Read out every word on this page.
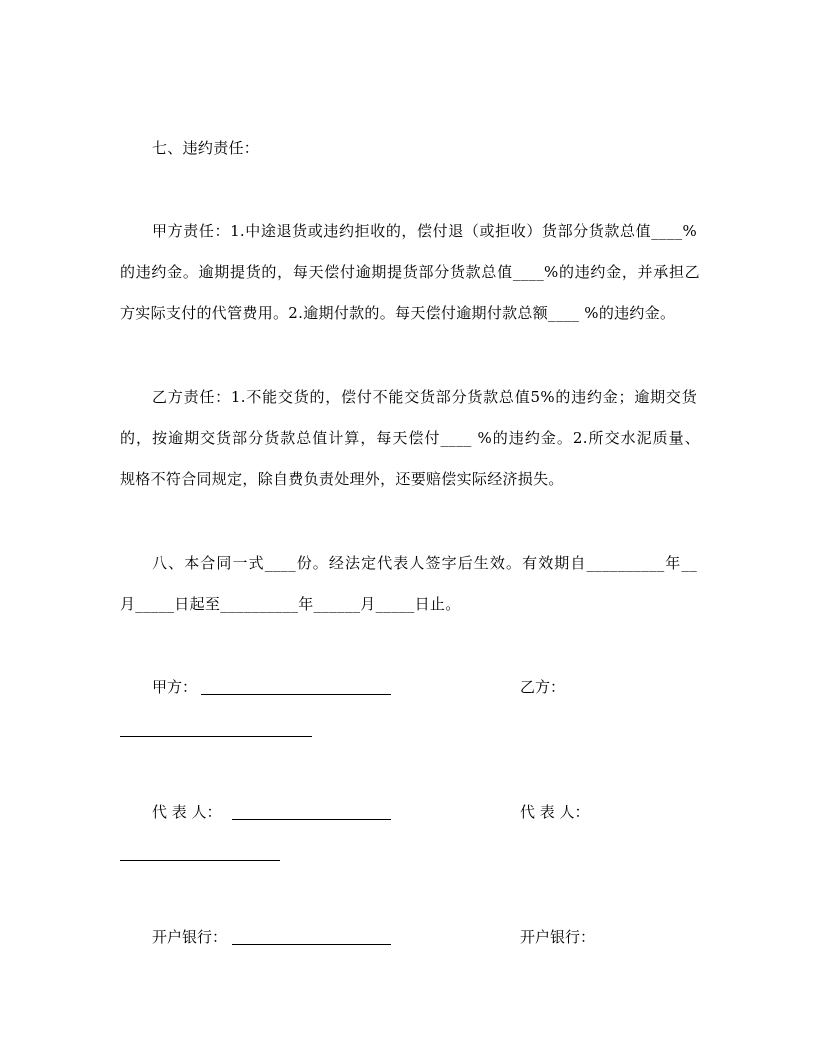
七、违约责任：
甲方责任：1.中途退货或违约拒收的，偿付退（或拒收）货部分货款总值____%
的违约金。逾期提货的，每天偿付逾期提货部分货款总值____%的违约金，并承担乙
方实际支付的代管费用。2.逾期付款的。每天偿付逾期付款总额____ %的违约金。
乙方责任：1.不能交货的，偿付不能交货部分货款总值5%的违约金；逾期交货
的，按逾期交货部分货款总值计算，每天偿付____ %的违约金。2.所交水泥质量、
规格不符合同规定，除自费负责处理外，还要赔偿实际经济损失。
八、本合同一式____份。经法定代表人签字后生效。有效期自__________年__
月_____日起至__________年______月_____日止。
甲方：	乙方：
代 表 人：	代 表 人：
开户银行：	开户银行：
